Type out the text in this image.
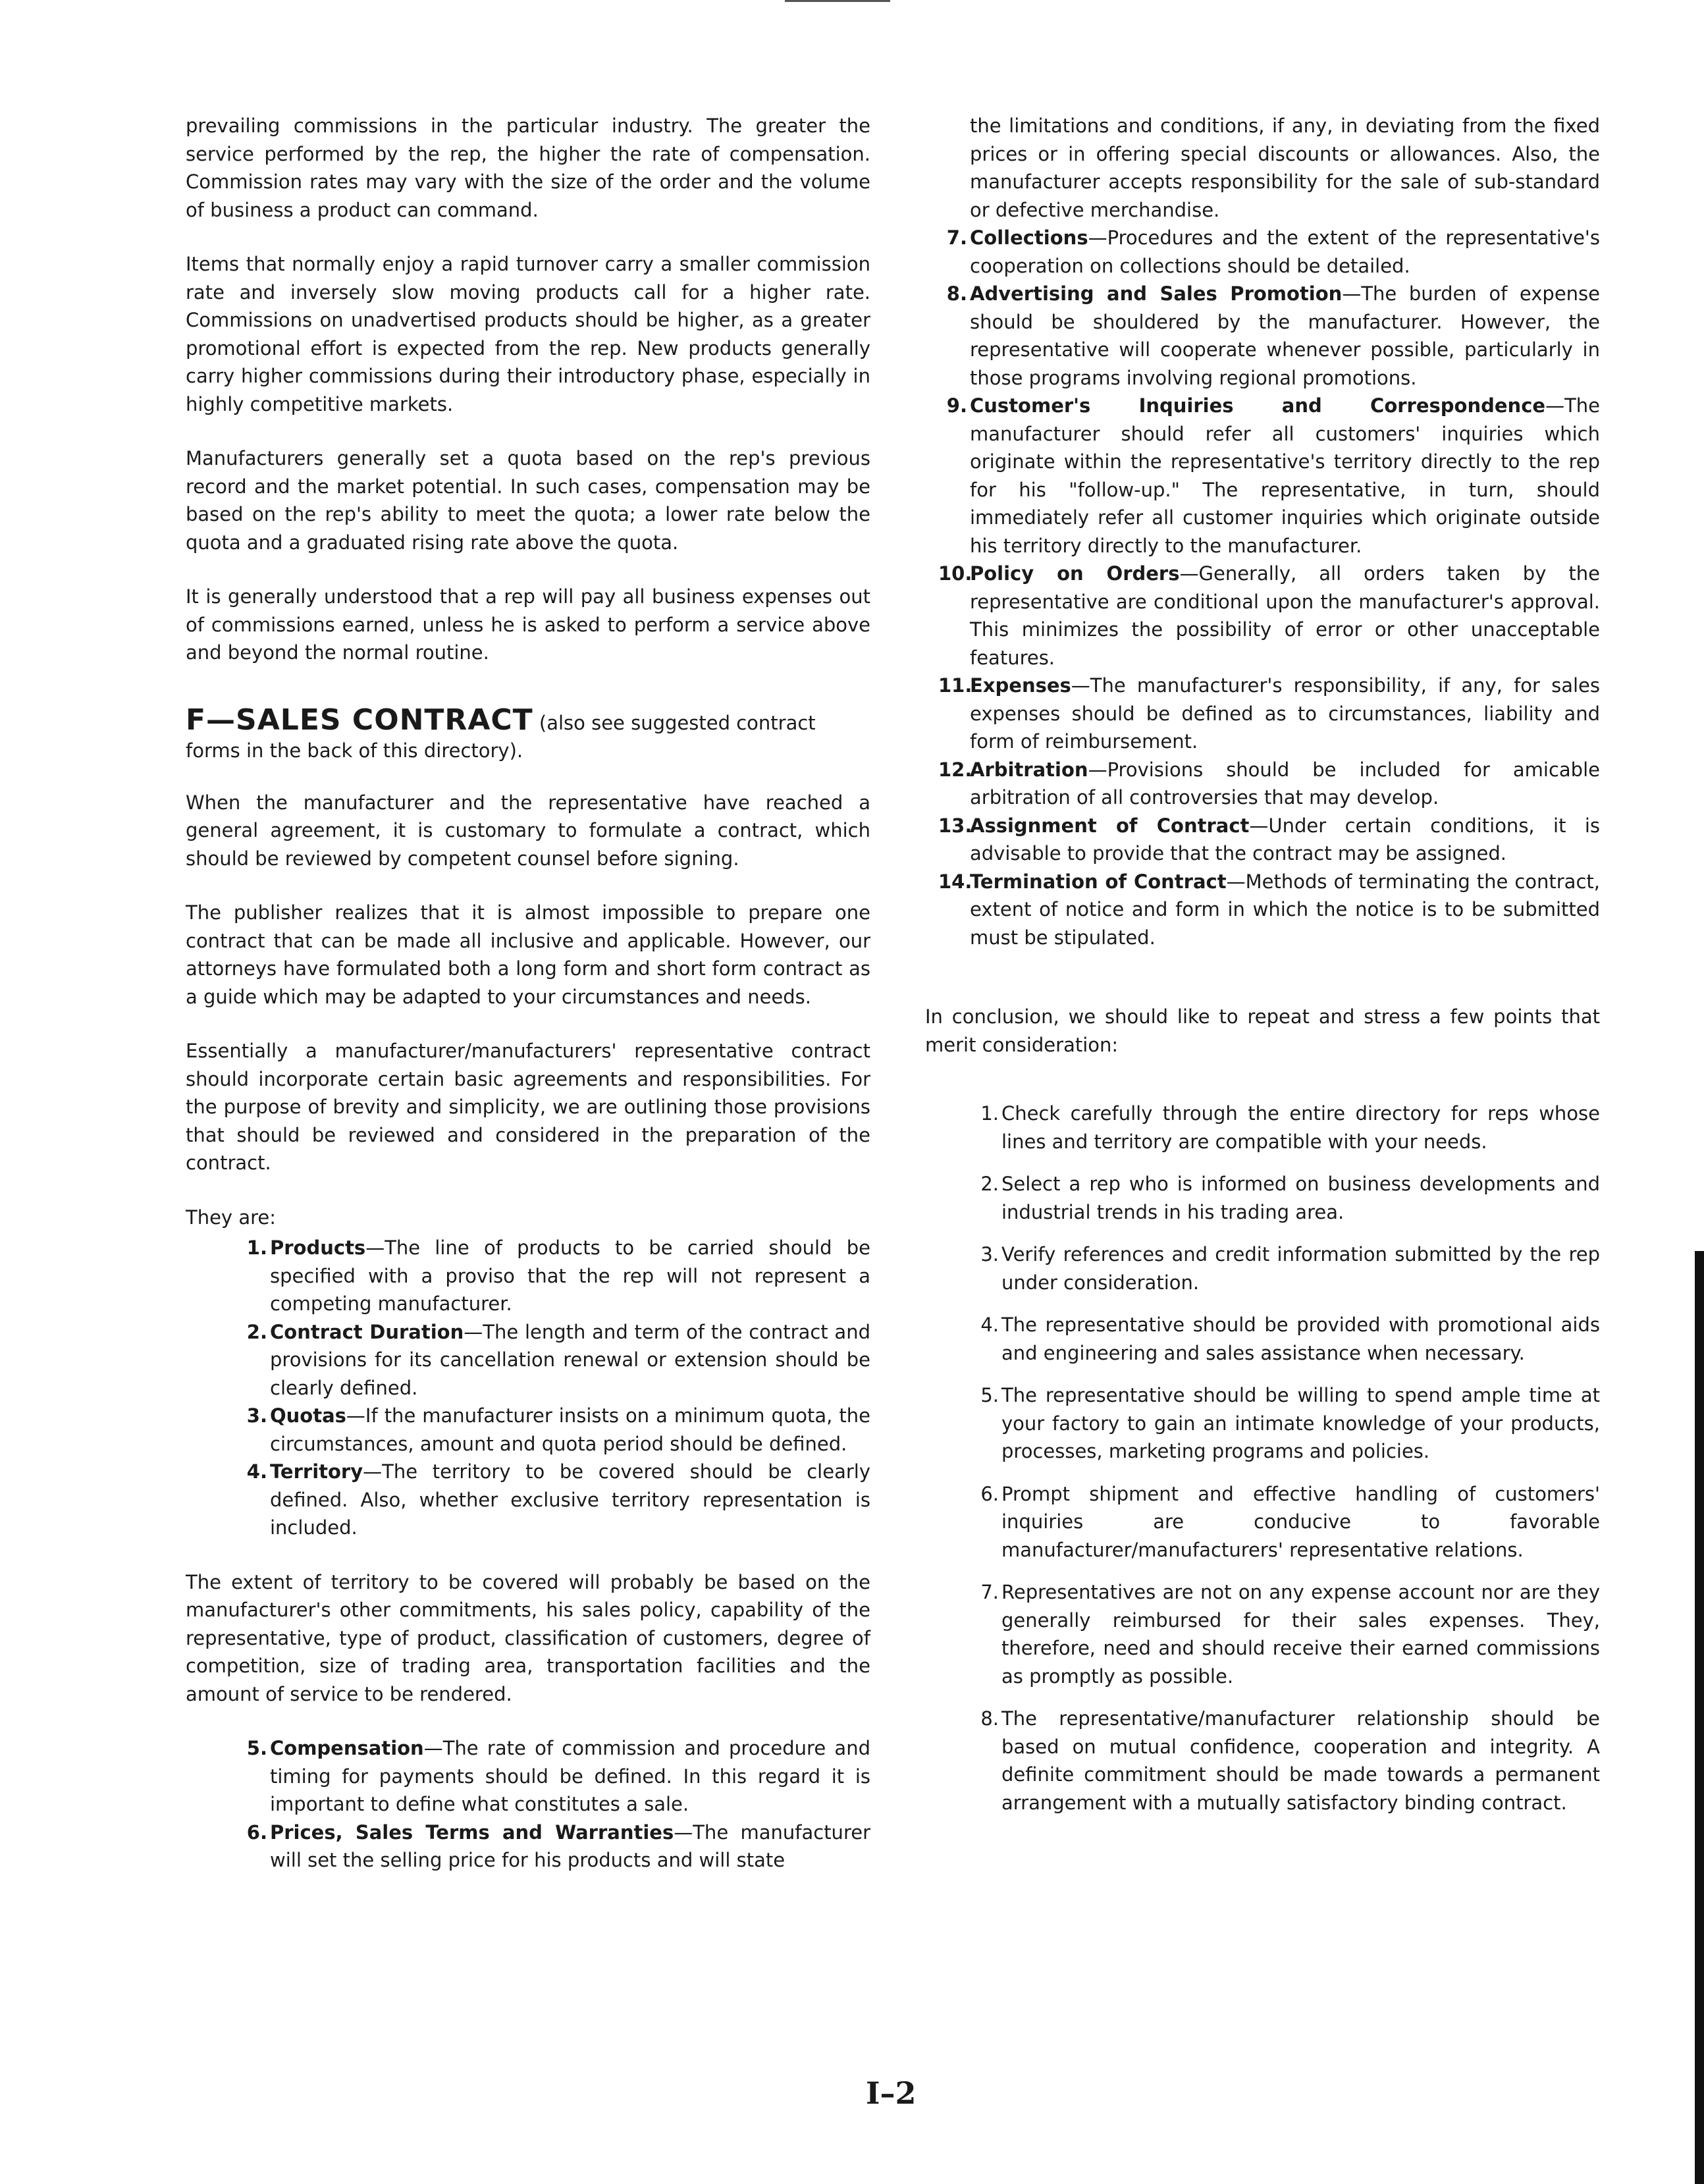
prevailing commissions in the particular industry. The greater the service performed by the rep, the higher the rate of compensation. Commission rates may vary with the size of the order and the volume of business a product can command.

Items that normally enjoy a rapid turnover carry a smaller commission rate and inversely slow moving products call for a higher rate. Commissions on unadvertised products should be higher, as a greater promotional effort is expected from the rep. New products generally carry higher commissions during their introductory phase, especially in highly competitive markets.

Manufacturers generally set a quota based on the rep's previous record and the market potential. In such cases, compensation may be based on the rep's ability to meet the quota; a lower rate below the quota and a graduated rising rate above the quota.

It is generally understood that a rep will pay all business expenses out of commissions earned, unless he is asked to perform a service above and beyond the normal routine.

F—SALES CONTRACT (also see suggested contract forms in the back of this directory).

When the manufacturer and the representative have reached a general agreement, it is customary to formulate a contract, which should be reviewed by competent counsel before signing.

The publisher realizes that it is almost impossible to prepare one contract that can be made all inclusive and applicable. However, our attorneys have formulated both a long form and short form contract as a guide which may be adapted to your circumstances and needs.

Essentially a manufacturer/manufacturers' representative contract should incorporate certain basic agreements and responsibilities. For the purpose of brevity and simplicity, we are outlining those provisions that should be reviewed and considered in the preparation of the contract.

They are:
1. Products—The line of products to be carried should be specified with a proviso that the rep will not represent a competing manufacturer.
2. Contract Duration—The length and term of the contract and provisions for its cancellation renewal or extension should be clearly defined.
3. Quotas—If the manufacturer insists on a minimum quota, the circumstances, amount and quota period should be defined.
4. Territory—The territory to be covered should be clearly defined. Also, whether exclusive territory representation is included.
The extent of territory to be covered will probably be based on the manufacturer's other commitments, his sales policy, capability of the representative, type of product, classification of customers, degree of competition, size of trading area, transportation facilities and the amount of service to be rendered.
5. Compensation—The rate of commission and procedure and timing for payments should be defined. In this regard it is important to define what constitutes a sale.
6. Prices, Sales Terms and Warranties—The manufacturer will set the selling price for his products and will state
the limitations and conditions, if any, in deviating from the fixed prices or in offering special discounts or allowances. Also, the manufacturer accepts responsibility for the sale of sub-standard or defective merchandise.
7. Collections—Procedures and the extent of the representative's cooperation on collections should be detailed.
8. Advertising and Sales Promotion—The burden of expense should be shouldered by the manufacturer. However, the representative will cooperate whenever possible, particularly in those programs involving regional promotions.
9. Customer's Inquiries and Correspondence—The manufacturer should refer all customers' inquiries which originate within the representative's territory directly to the rep for his "follow-up." The representative, in turn, should immediately refer all customer inquiries which originate outside his territory directly to the manufacturer.
10.
Policy on Orders—Generally, all orders taken by the representative are conditional upon the manufacturer's approval. This minimizes the possibility of error or other unacceptable features.
11.
Expenses—The manufacturer's responsibility, if any, for sales expenses should be defined as to circumstances, liability and form of reimbursement.
12.
Arbitration—Provisions should be included for amicable arbitration of all controversies that may develop.
13.
Assignment of Contract—Under certain conditions, it is advisable to provide that the contract may be assigned.
14.
Termination of Contract—Methods of terminating the contract, extent of notice and form in which the notice is to be submitted must be stipulated.

In conclusion, we should like to repeat and stress a few points that merit consideration:

1. Check carefully through the entire directory for reps whose lines and territory are compatible with your needs.
2. Select a rep who is informed on business developments and industrial trends in his trading area.
3. Verify references and credit information submitted by the rep under consideration.
4. The representative should be provided with promotional aids and engineering and sales assistance when necessary.
5. The representative should be willing to spend ample time at your factory to gain an intimate knowledge of your products, processes, marketing programs and policies.
6. Prompt shipment and effective handling of customers' inquiries are conducive to favorable manufacturer/manufacturers' representative relations.
7. Representatives are not on any expense account nor are they generally reimbursed for their sales expenses. They, therefore, need and should receive their earned commissions as promptly as possible.
8. The representative/manufacturer relationship should be based on mutual confidence, cooperation and integrity. A definite commitment should be made towards a permanent arrangement with a mutually satisfactory binding contract.
I–2
